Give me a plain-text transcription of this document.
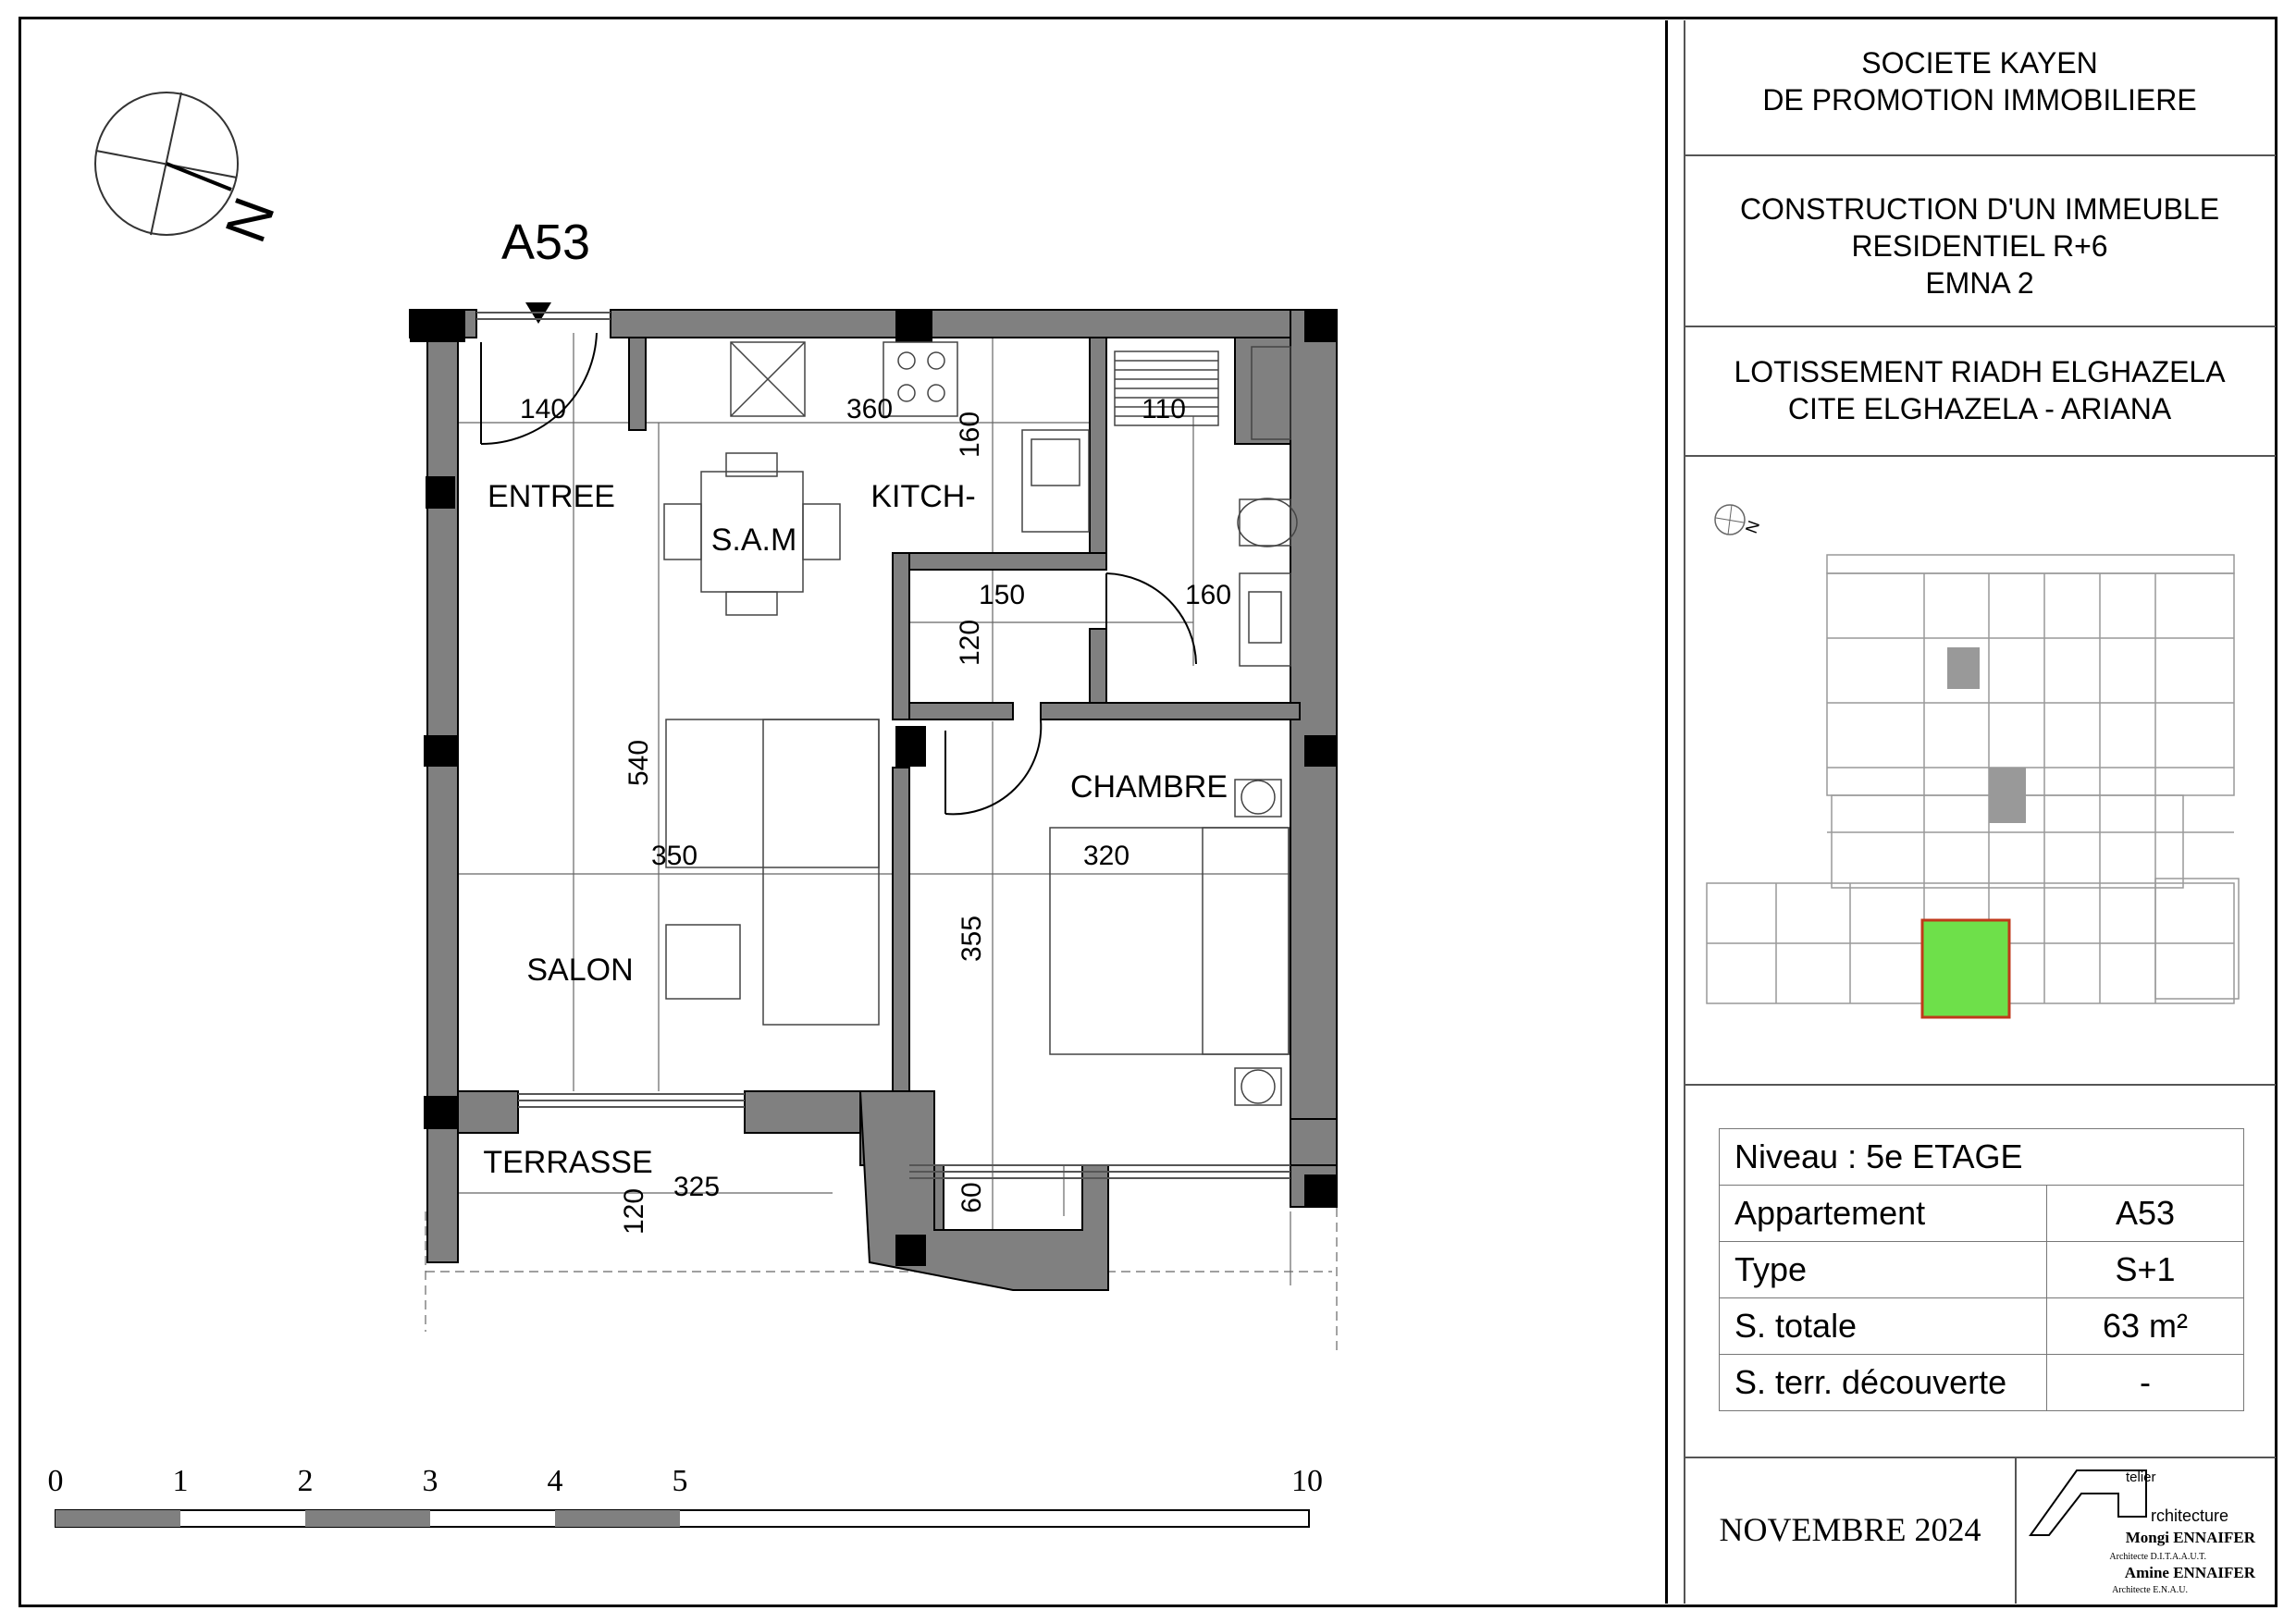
SOCIETE KAYEN
DE PROMOTION IMMOBILIERE
CONSTRUCTION D'UN IMMEUBLE
RESIDENTIEL R+6
EMNA 2
LOTISSEMENT RIADH ELGHAZELA
CITE ELGHAZELA - ARIANA
Niveau : 5e ETAGE	
Appartement	A53
Type	S+1
S. totale	63 m²
S. terr. découverte	-
NOVEMBRE 2024
N	A53
ENTREE
S.A.M
KITCH-
SALON
CHAMBRE
TERRASSE
140	360
160
110
150
120
160
540
350	320
355
325
120	60
0	1	2	3	4	5	10
N
telier
rchitecture
Mongi ENNAIFER
Architecte D.I.T.A.A.U.T.
Amine ENNAIFER
Architecte E.N.A.U.
